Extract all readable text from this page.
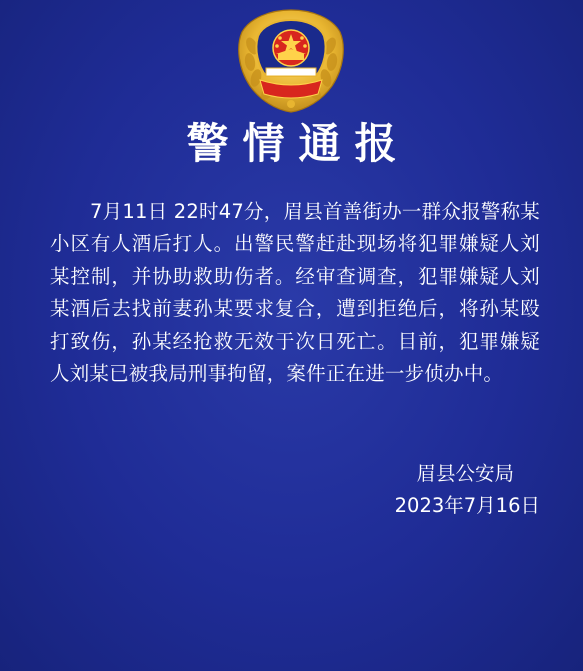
警情通报
7月11日 22时47分，眉县首善街办一群众报警称某小区有人酒后打人。出警民警赶赴现场将犯罪嫌疑人刘某控制，并协助救助伤者。经审查调查，犯罪嫌疑人刘某酒后去找前妻孙某要求复合，遭到拒绝后，将孙某殴打致伤，孙某经抢救无效于次日死亡。目前，犯罪嫌疑人刘某已被我局刑事拘留，案件正在进一步侦办中。
眉县公安局
2023年7月16日
